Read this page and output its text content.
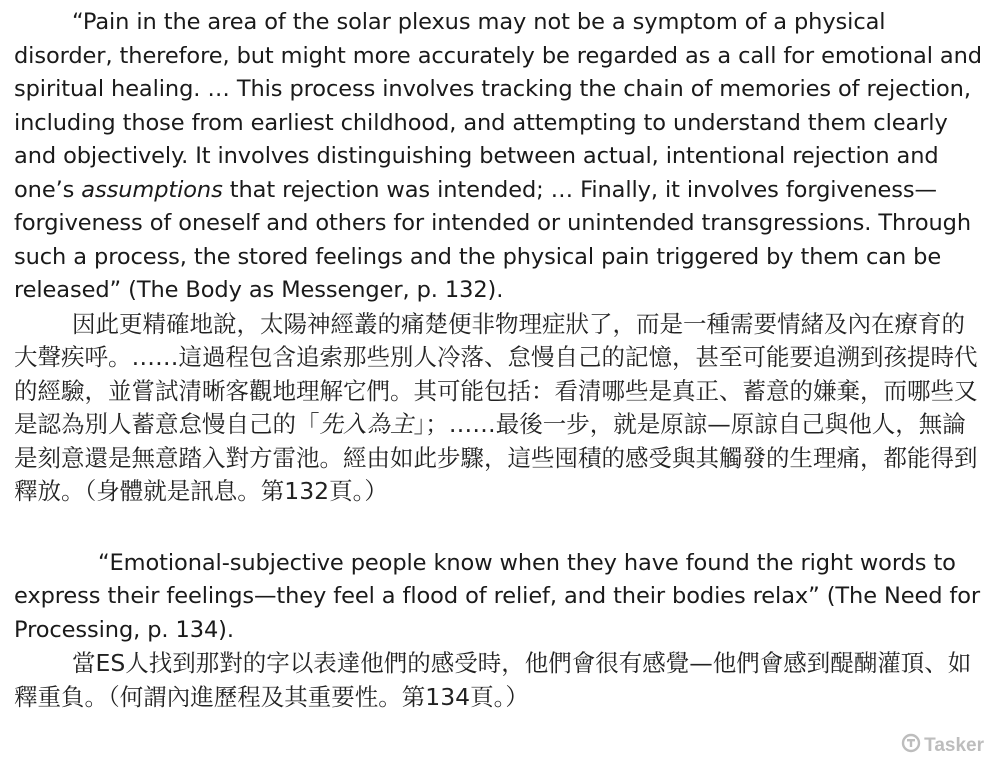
“Pain in the area of the solar plexus may not be a symptom of a physical disorder, therefore, but might more accurately be regarded as a call for emotional and spiritual healing. … This process involves tracking the chain of memories of rejection, including those from earliest childhood, and attempting to understand them clearly and objectively. It involves distinguishing between actual, intentional rejection and one’s assumptions that rejection was intended; … Finally, it involves forgiveness—forgiveness of oneself and others for intended or unintended transgressions. Through such a process, the stored feelings and the physical pain triggered by them can be released” (The Body as Messenger, p. 132).

因此更精確地說，太陽神經叢的痛楚便非物理症狀了，而是一種需要情緒及內在療育的大聲疾呼。……這過程包含追索那些別人冷落、怠慢自己的記憶，甚至可能要追溯到孩提時代的經驗，並嘗試清晰客觀地理解它們。其可能包括：看清哪些是真正、蓄意的嫌棄，而哪些又是認為別人蓄意怠慢自己的「先入為主」；……最後一步，就是原諒—原諒自己與他人，無論是刻意還是無意踏入對方雷池。經由如此步驟，這些囤積的感受與其觸發的生理痛，都能得到釋放。（身體就是訊息。第132頁。）

“Emotional-subjective people know when they have found the right words to express their feelings—they feel a flood of relief, and their bodies relax” (The Need for Processing, p. 134).

當ES人找到那對的字以表達他們的感受時，他們會很有感覺—他們會感到醍醐灌頂、如釋重負。（何謂內進歷程及其重要性。第134頁。）

Tasker
